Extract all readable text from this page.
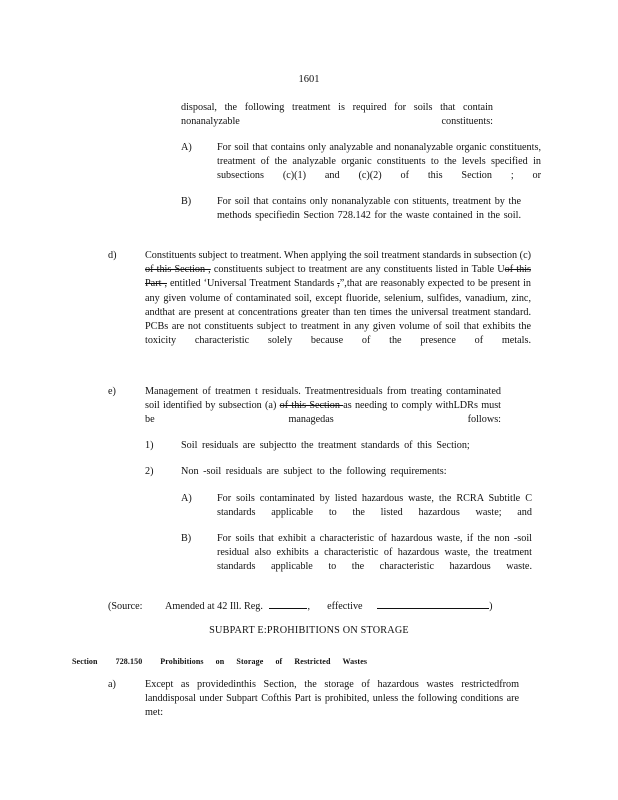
1601
disposal, the following treatment is required for soils that contain nonanalyzable constituents:
A) For soil that contains only analyzable and nonanalyzable organic constituents, treatment of the analyzable organic constituents to the levels specified in subsections (c)(1) and (c)(2) of this Section ; or
B)	For soil that contains only nonanalyzable con stituents, treatment by the methods specifiedin Section 728.142 for the waste contained in the soil.
d)	Constituents subject to treatment. When applying the soil treatment standards in subsection (c) of this Section , constituents subject to treatment are any constituents listed in Table Uof this Part , entitled ‘Universal Treatment Standards ,”,that are reasonably expected to be present in any given volume of contaminated soil, except fluoride, selenium, sulfides, vanadium, zinc, andthat are present at concentrations greater than ten times the universal treatment standard. PCBs are not constituents subject to treatment in any given volume of soil that exhibits the toxicity characteristic solely because of the presence of metals.
e)	Management of treatmen t residuals. Treatmentresiduals from treating contaminated soil identified by subsection (a) of this Section as needing to comply withLDRs must be managedas follows:
1)	Soil residuals are subjectto the treatment standards of this Section;
2)	Non -soil residuals are subject to the following requirements:
A) For soils contaminated by listed hazardous waste, the RCRA Subtitle C standards applicable to the listed hazardous waste; and
B)	For soils that exhibit a characteristic of hazardous waste, if the non -soil residual also exhibits a characteristic of hazardous waste, the treatment standards applicable to the characteristic hazardous waste.
(Source: Amended at 42 Ill. Reg.	, effective	)
SUBPART E:PROHIBITIONS ON STORAGE
Section 728.150 Prohibitions on Storage of Restricted Wastes
a)	Except as providedinthis Section, the storage of hazardous wastes restrictedfrom landdisposal under Subpart Cofthis Part is prohibited, unless the following conditions are met:
